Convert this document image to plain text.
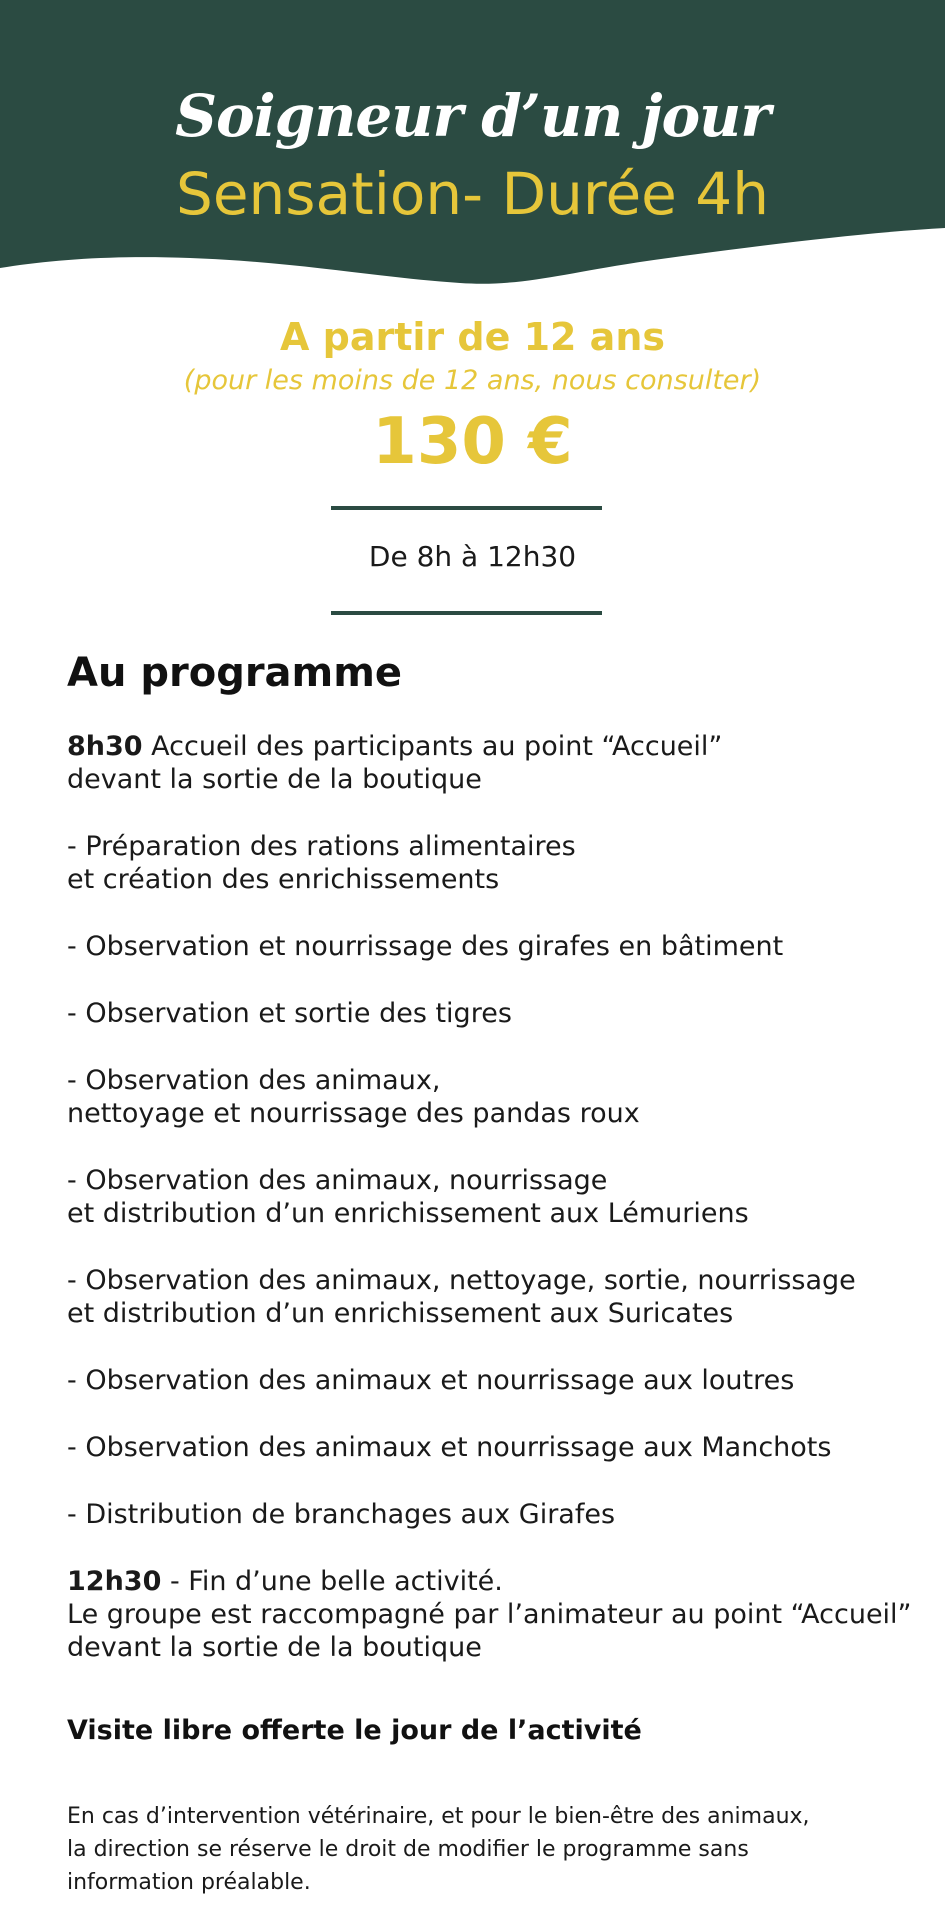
Soigneur d’un jour
Sensation- Durée 4h
A partir de 12 ans
(pour les moins de 12 ans, nous consulter)
130 €
De 8h à 12h30
Au programme
8h30 Accueil des participants au point “Accueil”
devant la sortie de la boutique
- Préparation des rations alimentaires
et création des enrichissements
- Observation et nourrissage des girafes en bâtiment
- Observation et sortie des tigres
- Observation des animaux,
nettoyage et nourrissage des pandas roux
- Observation des animaux, nourrissage
et distribution d’un enrichissement aux Lémuriens
- Observation des animaux, nettoyage, sortie, nourrissage
et distribution d’un enrichissement aux Suricates
- Observation des animaux et nourrissage aux loutres
- Observation des animaux et nourrissage aux Manchots
- Distribution de branchages aux Girafes
12h30 - Fin d’une belle activité.
Le groupe est raccompagné par l’animateur au point “Accueil”
devant la sortie de la boutique
Visite libre offerte le jour de l’activité
En cas d’intervention vétérinaire, et pour le bien-être des animaux,
la direction se réserve le droit de modifier le programme sans
information préalable.
